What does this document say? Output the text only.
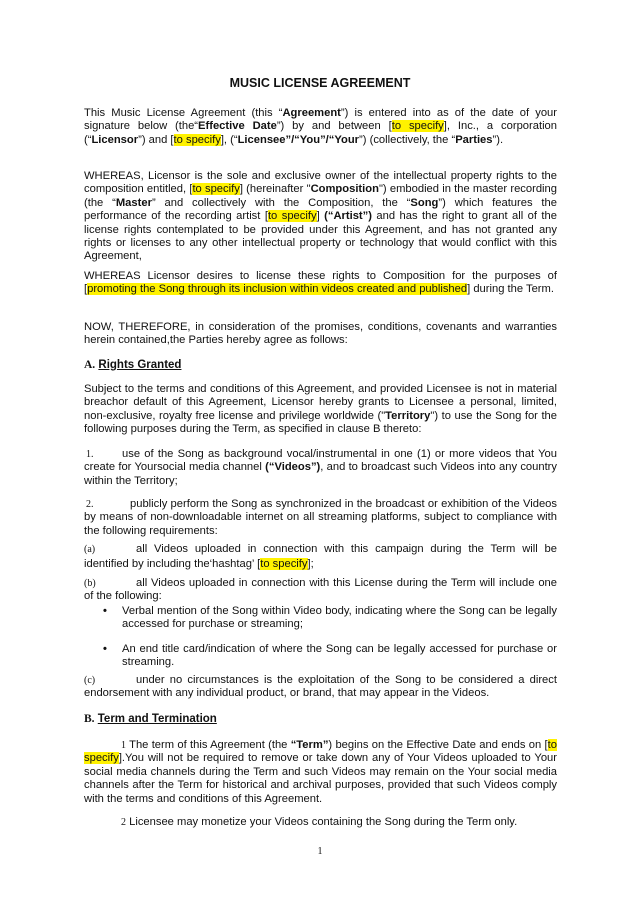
MUSIC LICENSE AGREEMENT

This Music License Agreement (this “Agreement”) is entered into as of the date of your signature below (the“Effective Date”) by and between [to specify], Inc., a corporation (“Licensor”) and [to specify], (“Licensee”/“You”/“Your”) (collectively, the “Parties”).

WHEREAS, Licensor is the sole and exclusive owner of the intellectual property rights to the composition entitled, [to specify] (hereinafter "Composition") embodied in the master recording (the “Master” and collectively with the Composition, the “Song”) which features the performance of the recording artist [to specify] (“Artist”) and has the right to grant all of the license rights contemplated to be provided under this Agreement, and has not granted any rights or licenses to any other intellectual property or technology that would conflict with this Agreement,

WHEREAS Licensor desires to license these rights to Composition for the purposes of [promoting the Song through its inclusion within videos created and published] during the Term.

NOW, THEREFORE, in consideration of the promises, conditions, covenants and warranties herein contained,the Parties hereby agree as follows:

A. Rights Granted

Subject to the terms and conditions of this Agreement, and provided Licensee is not in material breachor default of this Agreement, Licensor hereby grants to Licensee a personal, limited, non-exclusive, royalty free license and privilege worldwide ("Territory") to use the Song for the following purposes during the Term, as specified in clause B thereto:

1.	use of the Song as background vocal/instrumental in one (1) or more videos that You create for Yoursocial media channel (“Videos”), and to broadcast such Videos into any country within the Territory;

2.	publicly perform the Song as synchronized in the broadcast or exhibition of the Videos by means of non-downloadable internet on all streaming platforms, subject to compliance with the following requirements:

(a)	all Videos uploaded in connection with this campaign during the Term will be identified by including the‘hashtag’ [to specify];

(b)	all Videos uploaded in connection with this License during the Term will include one of the following:

• Verbal mention of the Song within Video body, indicating where the Song can be legally accessed for purchase or streaming;

• An end title card/indication of where the Song can be legally accessed for purchase or streaming.

(c)	under no circumstances is the exploitation of the Song to be considered a direct endorsement with any individual product, or brand, that may appear in the Videos.

B. Term and Termination

1 The term of this Agreement (the “Term”) begins on the Effective Date and ends on [to specify].You will not be required to remove or take down any of Your Videos uploaded to Your social media channels during the Term and such Videos may remain on the Your social media channels after the Term for historical and archival purposes, provided that such Videos comply with the terms and conditions of this Agreement.

2 Licensee may monetize your Videos containing the Song during the Term only.

1
